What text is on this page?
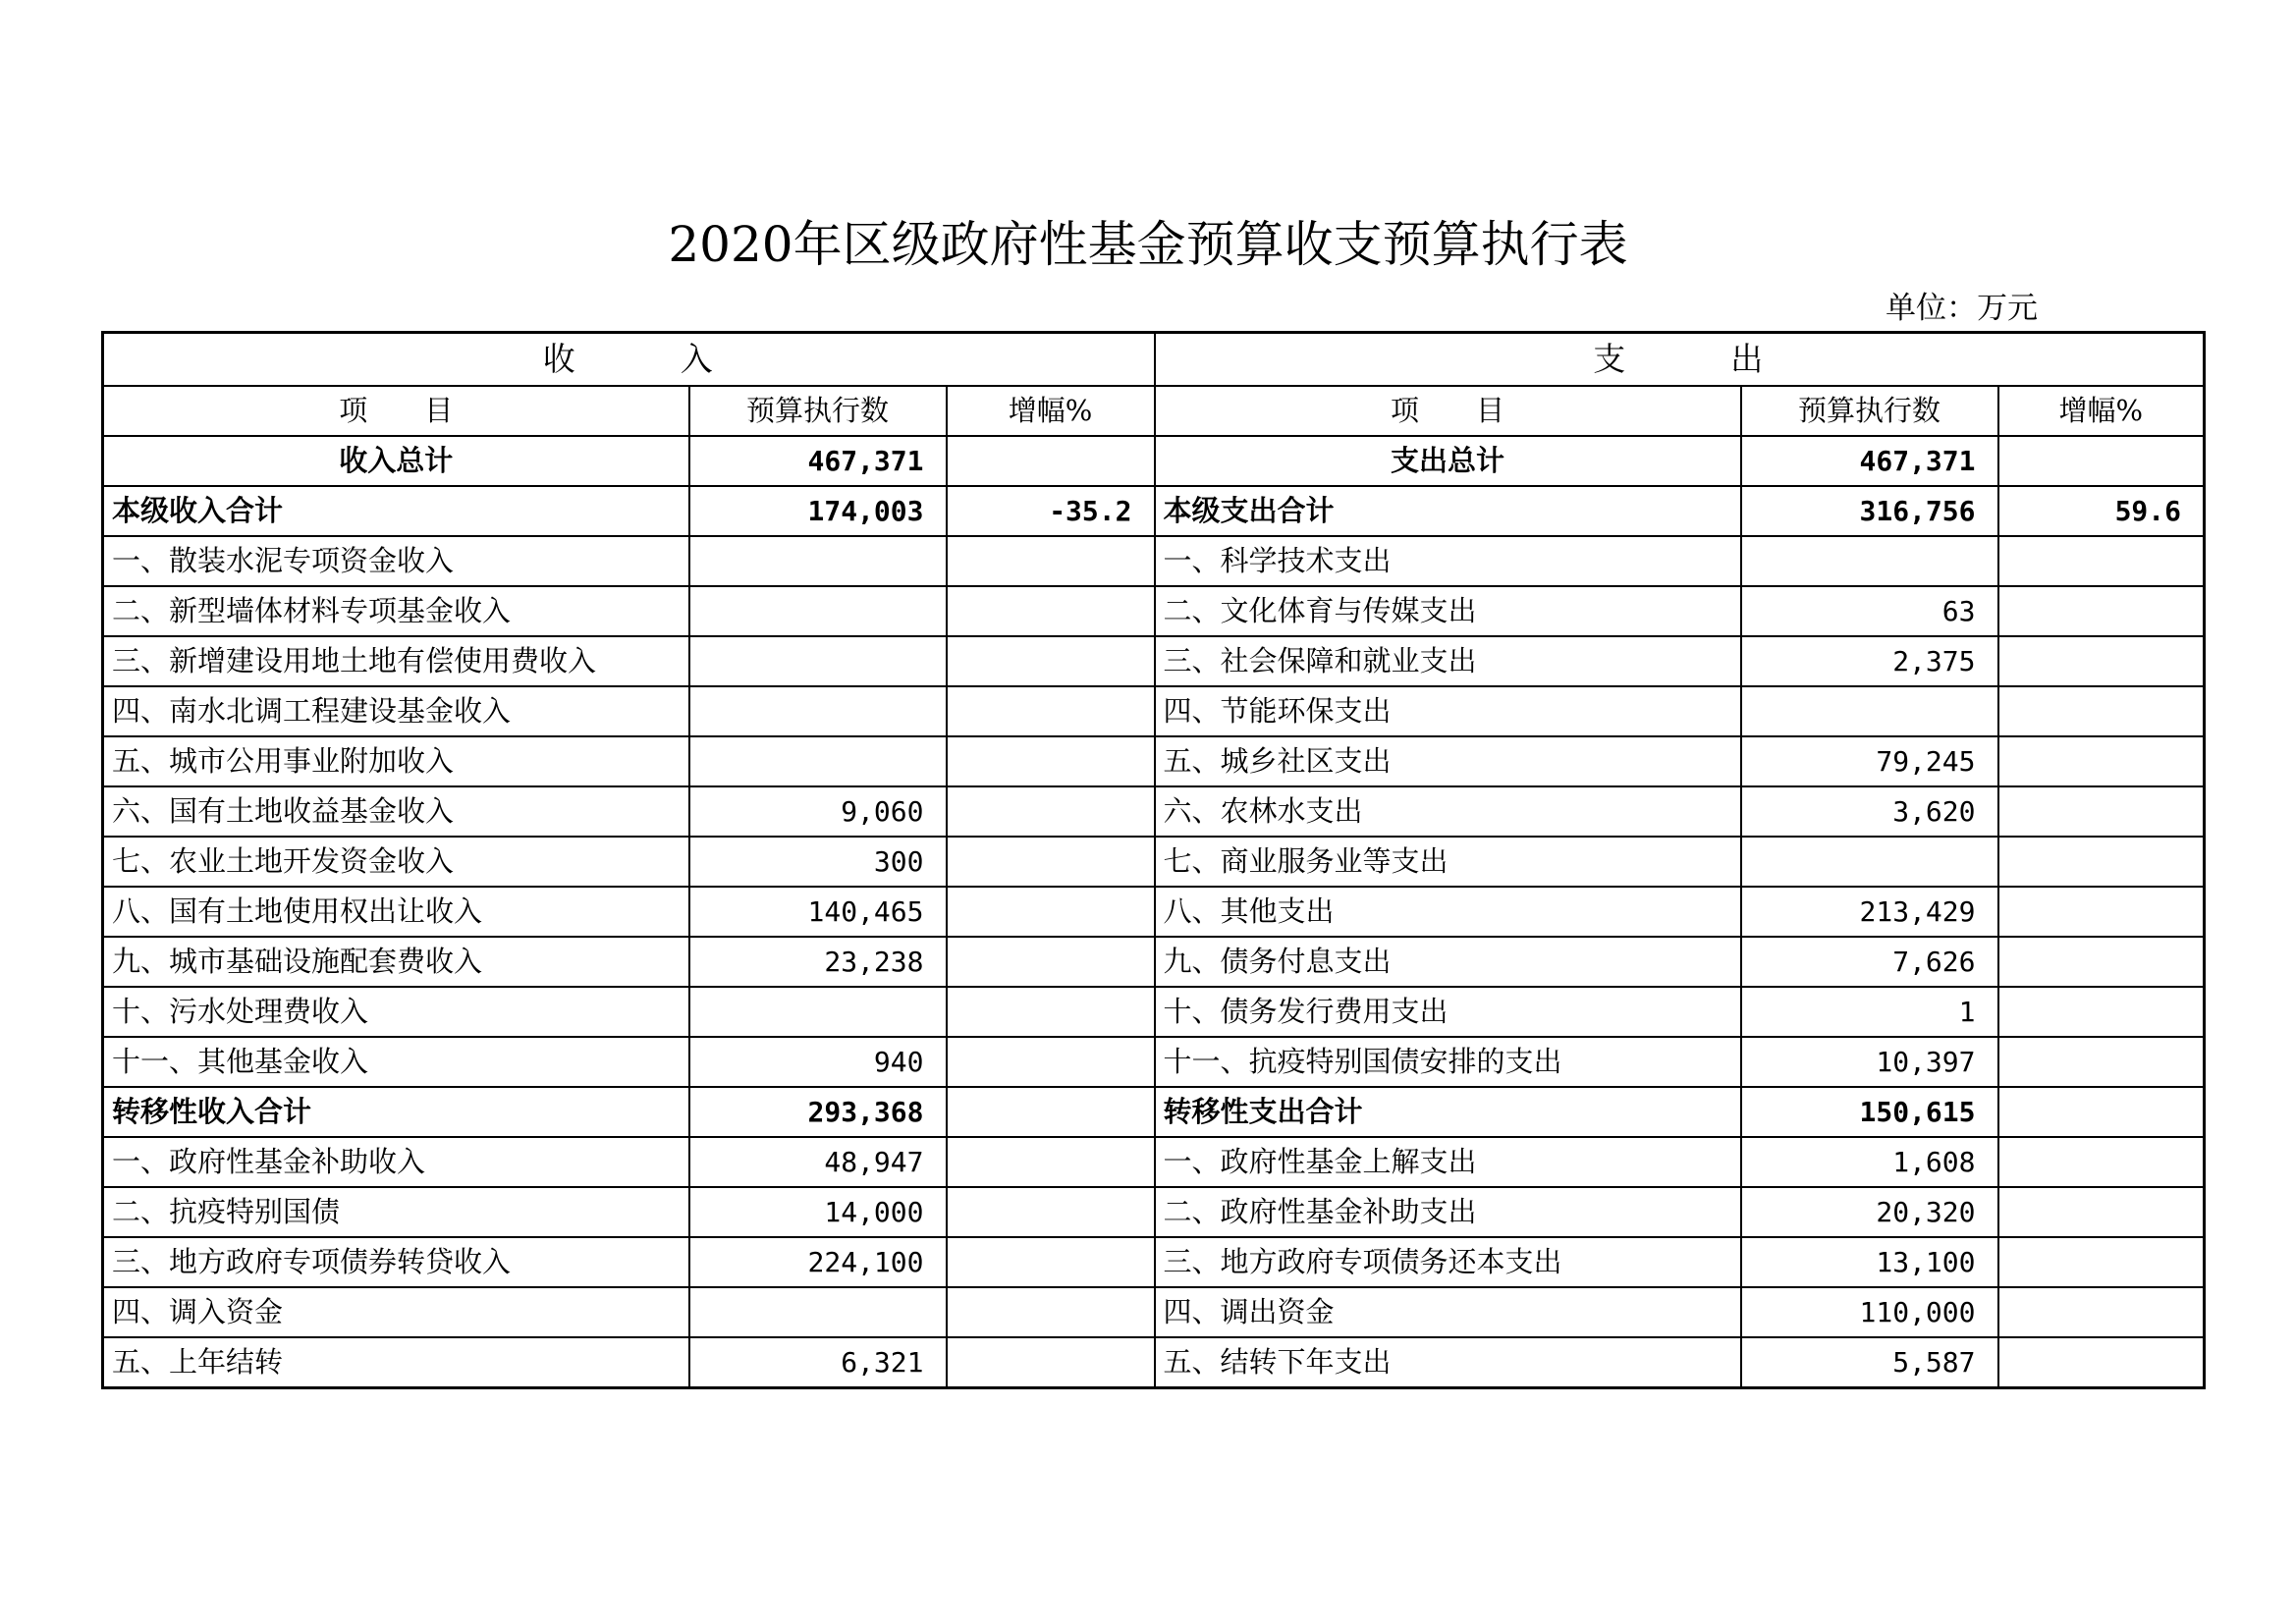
2020年区级政府性基金预算收支预算执行表
单位：万元
收　　　入			支　　　出		
项　　目	预算执行数	增幅%	项　　目	预算执行数	增幅%
收入总计	467,371		支出总计	467,371	
本级收入合计	174,003	-35.2	本级支出合计	316,756	59.6
一、散装水泥专项资金收入			一、科学技术支出		
二、新型墙体材料专项基金收入			二、文化体育与传媒支出	63	
三、新增建设用地土地有偿使用费收入			三、社会保障和就业支出	2,375	
四、南水北调工程建设基金收入			四、节能环保支出		
五、城市公用事业附加收入			五、城乡社区支出	79,245	
六、国有土地收益基金收入	9,060		六、农林水支出	3,620	
七、农业土地开发资金收入	300		七、商业服务业等支出		
八、国有土地使用权出让收入	140,465		八、其他支出	213,429	
九、城市基础设施配套费收入	23,238		九、债务付息支出	7,626	
十、污水处理费收入			十、债务发行费用支出	1	
十一、其他基金收入	940		十一、抗疫特别国债安排的支出	10,397	
转移性收入合计	293,368		转移性支出合计	150,615	
一、政府性基金补助收入	48,947		一、政府性基金上解支出	1,608	
二、抗疫特别国债	14,000		二、政府性基金补助支出	20,320	
三、地方政府专项债券转贷收入	224,100		三、地方政府专项债务还本支出	13,100	
四、调入资金			四、调出资金	110,000	
五、上年结转	6,321		五、结转下年支出	5,587	
